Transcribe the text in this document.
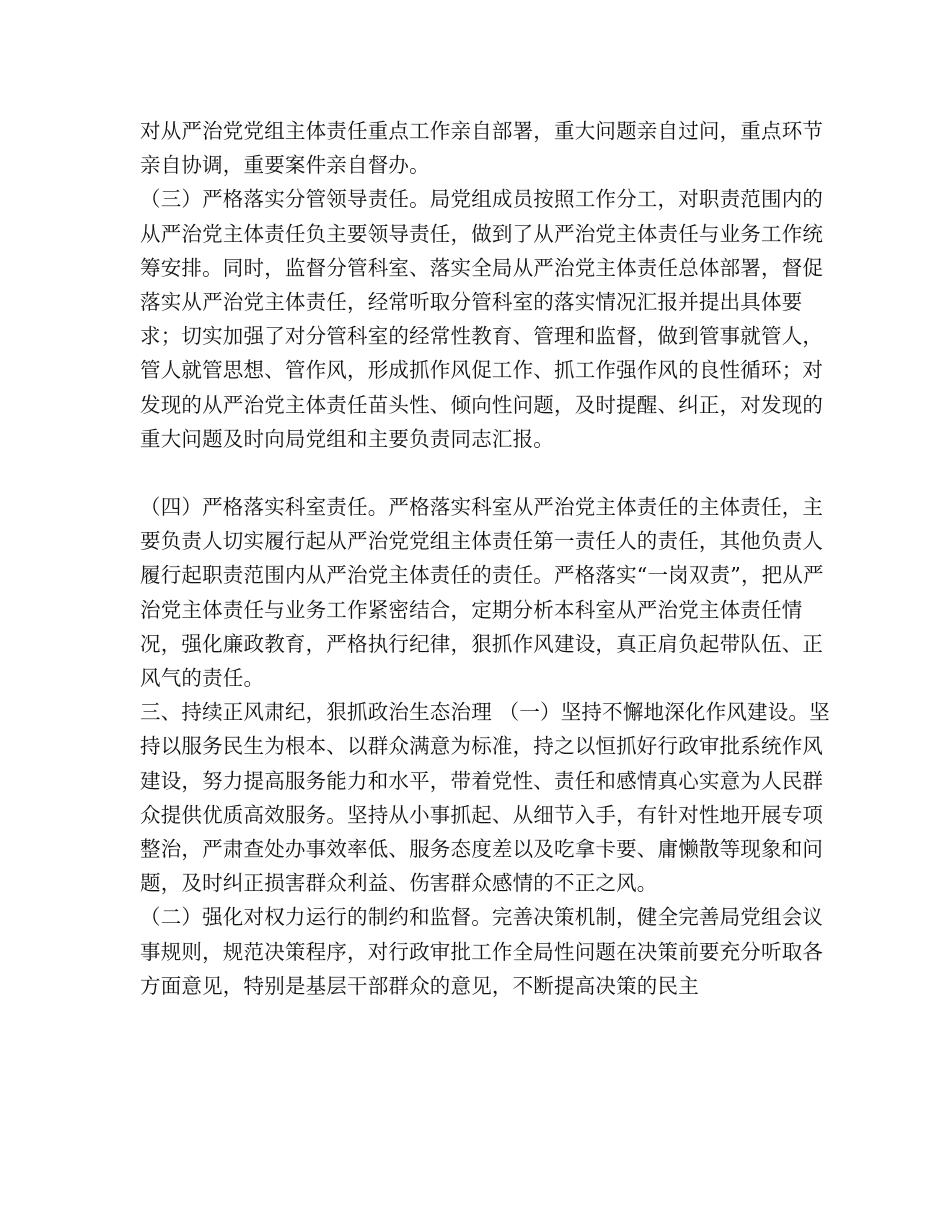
对从严治党党组主体责任重点工作亲自部署，重大问题亲自过问，重点环节亲自协调，重要案件亲自督办。

（三）严格落实分管领导责任。局党组成员按照工作分工，对职责范围内的从严治党主体责任负主要领导责任，做到了从严治党主体责任与业务工作统筹安排。同时，监督分管科室、落实全局从严治党主体责任总体部署，督促落实从严治党主体责任，经常听取分管科室的落实情况汇报并提出具体要求；切实加强了对分管科室的经常性教育、管理和监督，做到管事就管人，管人就管思想、管作风，形成抓作风促工作、抓工作强作风的良性循环；对发现的从严治党主体责任苗头性、倾向性问题，及时提醒、纠正，对发现的重大问题及时向局党组和主要负责同志汇报。

（四）严格落实科室责任。严格落实科室从严治党主体责任的主体责任，主要负责人切实履行起从严治党党组主体责任第一责任人的责任，其他负责人履行起职责范围内从严治党主体责任的责任。严格落实“一岗双责”，把从严治党主体责任与业务工作紧密结合，定期分析本科室从严治党主体责任情况，强化廉政教育，严格执行纪律，狠抓作风建设，真正肩负起带队伍、正风气的责任。

三、持续正风肃纪，狠抓政治生态治理 （一）坚持不懈地深化作风建设。坚持以服务民生为根本、以群众满意为标准，持之以恒抓好行政审批系统作风建设，努力提高服务能力和水平，带着党性、责任和感情真心实意为人民群众提供优质高效服务。坚持从小事抓起、从细节入手，有针对性地开展专项整治，严肃查处办事效率低、服务态度差以及吃拿卡要、庸懒散等现象和问题，及时纠正损害群众利益、伤害群众感情的不正之风。

（二）强化对权力运行的制约和监督。完善决策机制，健全完善局党组会议事规则，规范决策程序，对行政审批工作全局性问题在决策前要充分听取各方面意见，特别是基层干部群众的意见，不断提高决策的民主
